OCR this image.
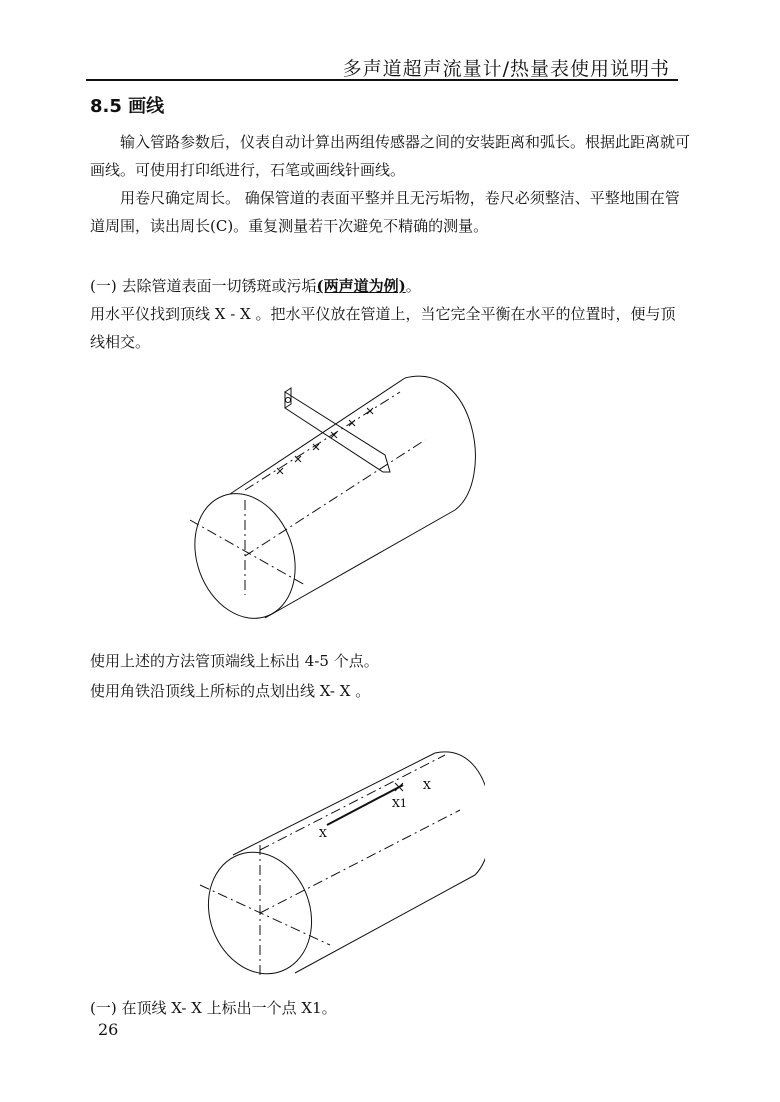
多声道超声流量计/热量表使用说明书
8.5 画线
输入管路参数后，仪表自动计算出两组传感器之间的安装距离和弧长。根据此距离就可画线。可使用打印纸进行，石笔或画线针画线。
用卷尺确定周长。 确保管道的表面平整并且无污垢物，卷尺必须整洁、平整地围在管道周围，读出周长(C)。重复测量若干次避免不精确的测量。
(一) 去除管道表面一切锈斑或污垢(两声道为例)。
用水平仪找到顶线 X - X 。把水平仪放在管道上，当它完全平衡在水平的位置时，便与顶线相交。
使用上述的方法管顶端线上标出 4-5 个点。
使用角铁沿顶线上所标的点划出线 X- X 。
X
X1
X
(一) 在顶线 X- X 上标出一个点 X1。
26
